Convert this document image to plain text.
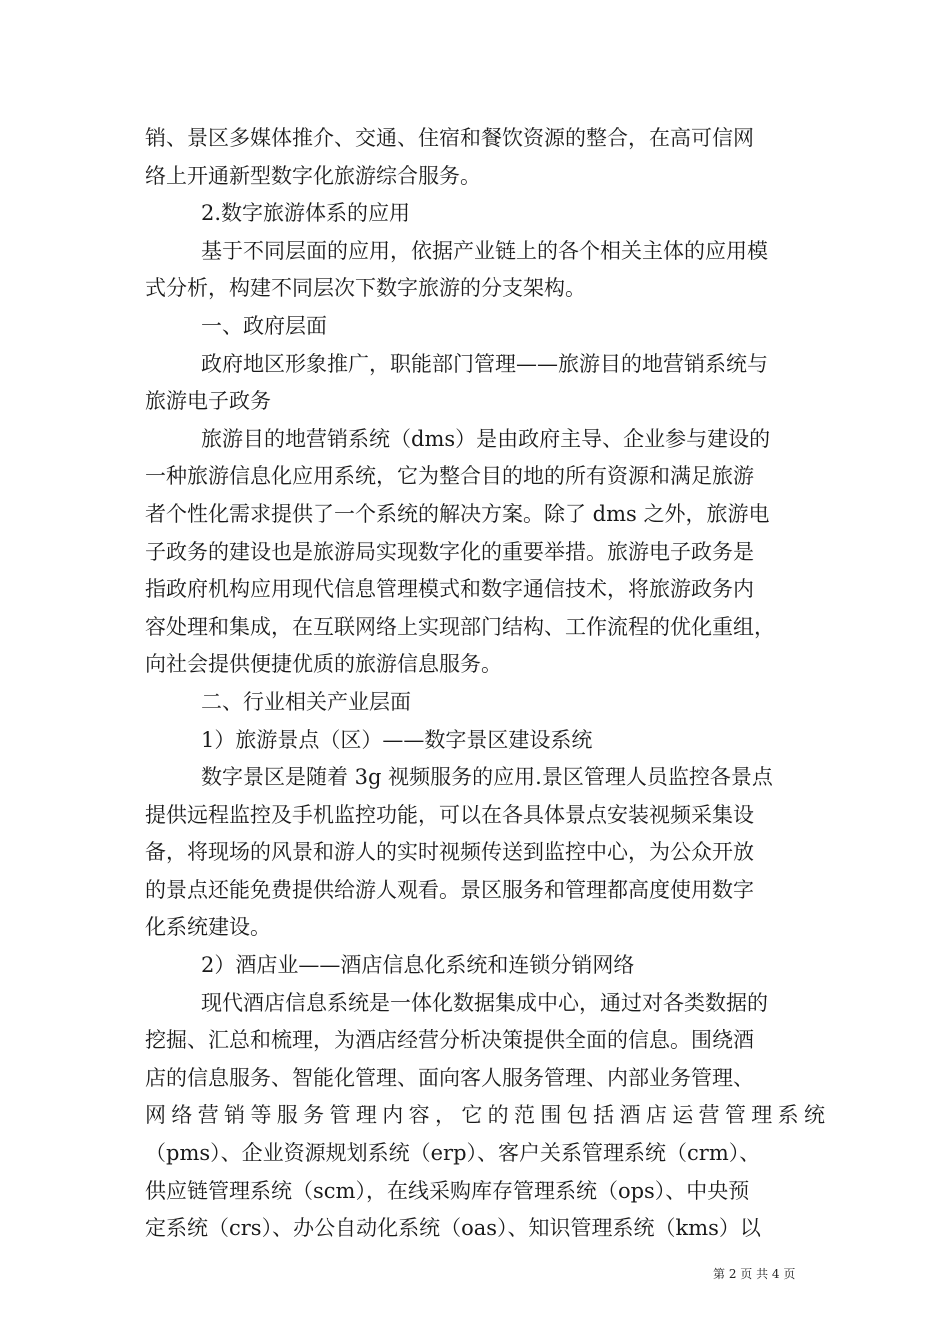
销、景区多媒体推介、交通、住宿和餐饮资源的整合，在高可信网
络上开通新型数字化旅游综合服务。
2.数字旅游体系的应用
基于不同层面的应用，依据产业链上的各个相关主体的应用模
式分析，构建不同层次下数字旅游的分支架构。
一、政府层面
政府地区形象推广，职能部门管理——旅游目的地营销系统与
旅游电子政务
旅游目的地营销系统（dms）是由政府主导、企业参与建设的
一种旅游信息化应用系统，它为整合目的地的所有资源和满足旅游
者个性化需求提供了一个系统的解决方案。除了 dms 之外，旅游电
子政务的建设也是旅游局实现数字化的重要举措。旅游电子政务是
指政府机构应用现代信息管理模式和数字通信技术，将旅游政务内
容处理和集成，在互联网络上实现部门结构、工作流程的优化重组，
向社会提供便捷优质的旅游信息服务。
二、行业相关产业层面
1）旅游景点（区）——数字景区建设系统
数字景区是随着 3g 视频服务的应用.景区管理人员监控各景点
提供远程监控及手机监控功能，可以在各具体景点安装视频采集设
备，将现场的风景和游人的实时视频传送到监控中心，为公众开放
的景点还能免费提供给游人观看。景区服务和管理都高度使用数字
化系统建设。
2）酒店业——酒店信息化系统和连锁分销网络
现代酒店信息系统是一体化数据集成中心，通过对各类数据的
挖掘、汇总和梳理，为酒店经营分析决策提供全面的信息。围绕酒
店的信息服务、智能化管理、面向客人服务管理、内部业务管理、
网络营销等服务管理内容，它的范围包括酒店运营管理系统
（pms）、企业资源规划系统（erp）、客户关系管理系统（crm）、
供应链管理系统（scm），在线采购库存管理系统（ops）、中央预
定系统（crs）、办公自动化系统（oas）、知识管理系统（kms）以
第 2 页 共 4 页
